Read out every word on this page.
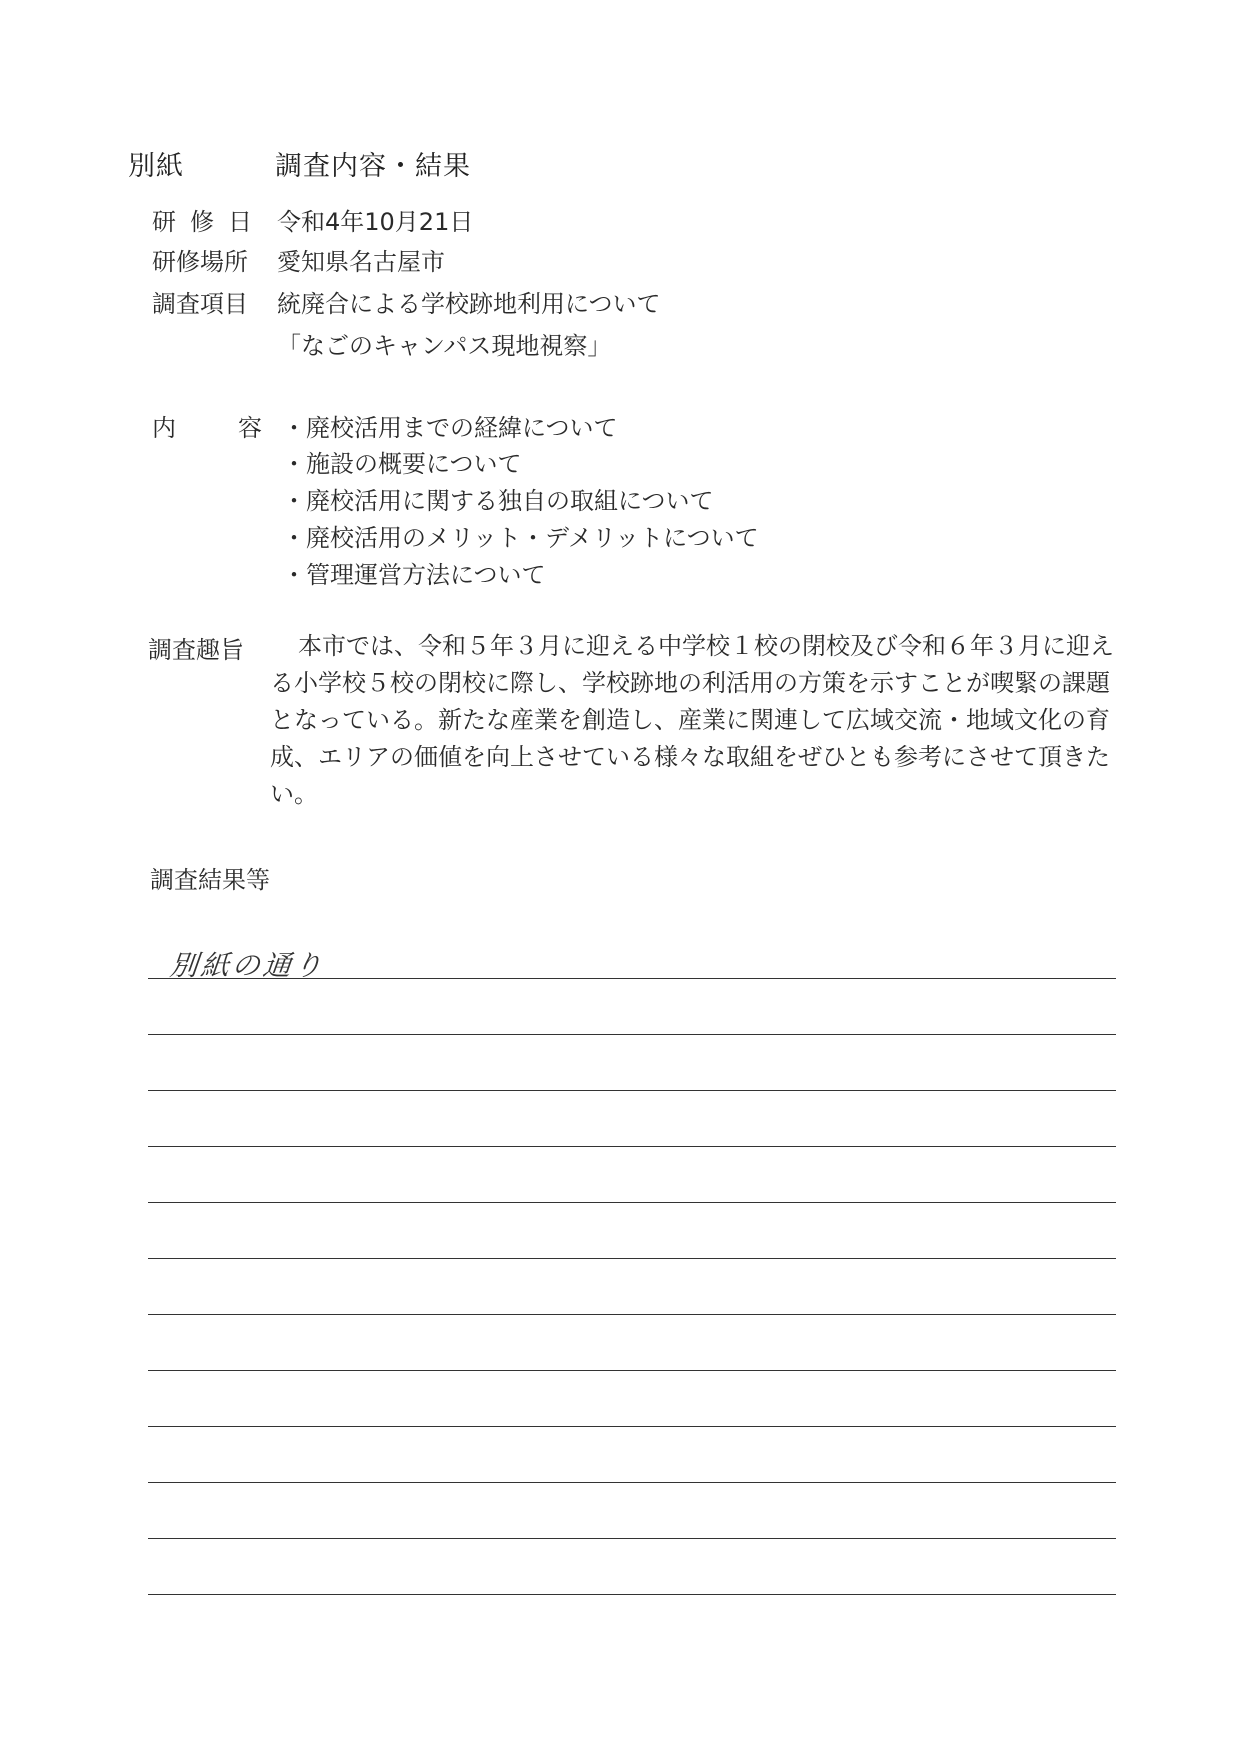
別紙	調査内容・結果
研修日 令和4年10月21日
研修場所 愛知県名古屋市
調査項目 統廃合による学校跡地利用について
「なごのキャンパス現地視察」
内容
・廃校活用までの経緯について
・施設の概要について
・廃校活用に関する独自の取組について
・廃校活用のメリット・デメリットについて
・管理運営方法について
調査趣旨	本市では、令和５年３月に迎える中学校１校の閉校及び令和６年３月に迎える小学校５校の閉校に際し、学校跡地の利活用の方策を示すことが喫緊の課題となっている。新たな産業を創造し、産業に関連して広域交流・地域文化の育成、エリアの価値を向上させている様々な取組をぜひとも参考にさせて頂きたい。
調査結果等
別紙の通り
